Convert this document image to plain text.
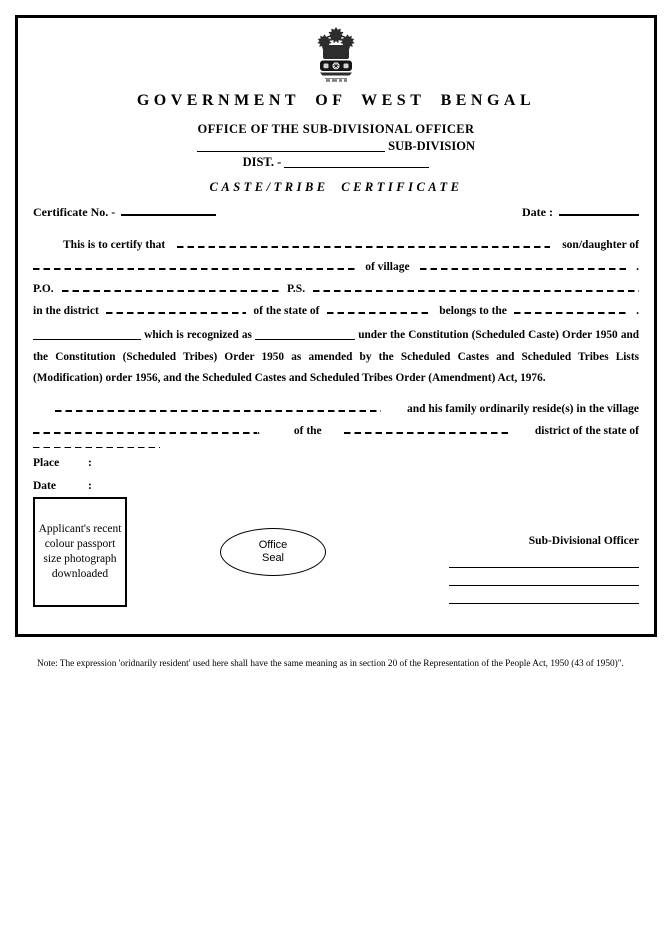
GOVERNMENT OF WEST BENGAL
OFFICE OF THE SUB-DIVISIONAL OFFICER
SUB-DIVISION
DIST. -
CASTE/TRIBE CERTIFICATE
Certificate No. -	Date :
This is to certify that	son/daughter of
of village	.
P.O.	P.S.
in the district	of the state of	belongs to the	.

which is recognized as	under the Constitution (Scheduled Caste) Order 1950 and the Constitution (Scheduled Tribes) Order 1950 as amended by the Scheduled Castes and Scheduled Tribes Lists (Modification) order 1956, and the Scheduled Castes and Scheduled Tribes Order (Amendment) Act, 1976.

and his family ordinarily reside(s) in the village
.	of the	district of the state of
Place	:
Date	:
Applicant's recent colour passport size photograph downloaded
Office Seal
Sub-Divisional Officer
Note: The expression 'oridnarily resident' used here shall have the same meaning as in section 20 of the Representation of the People Act, 1950 (43 of 1950)".
